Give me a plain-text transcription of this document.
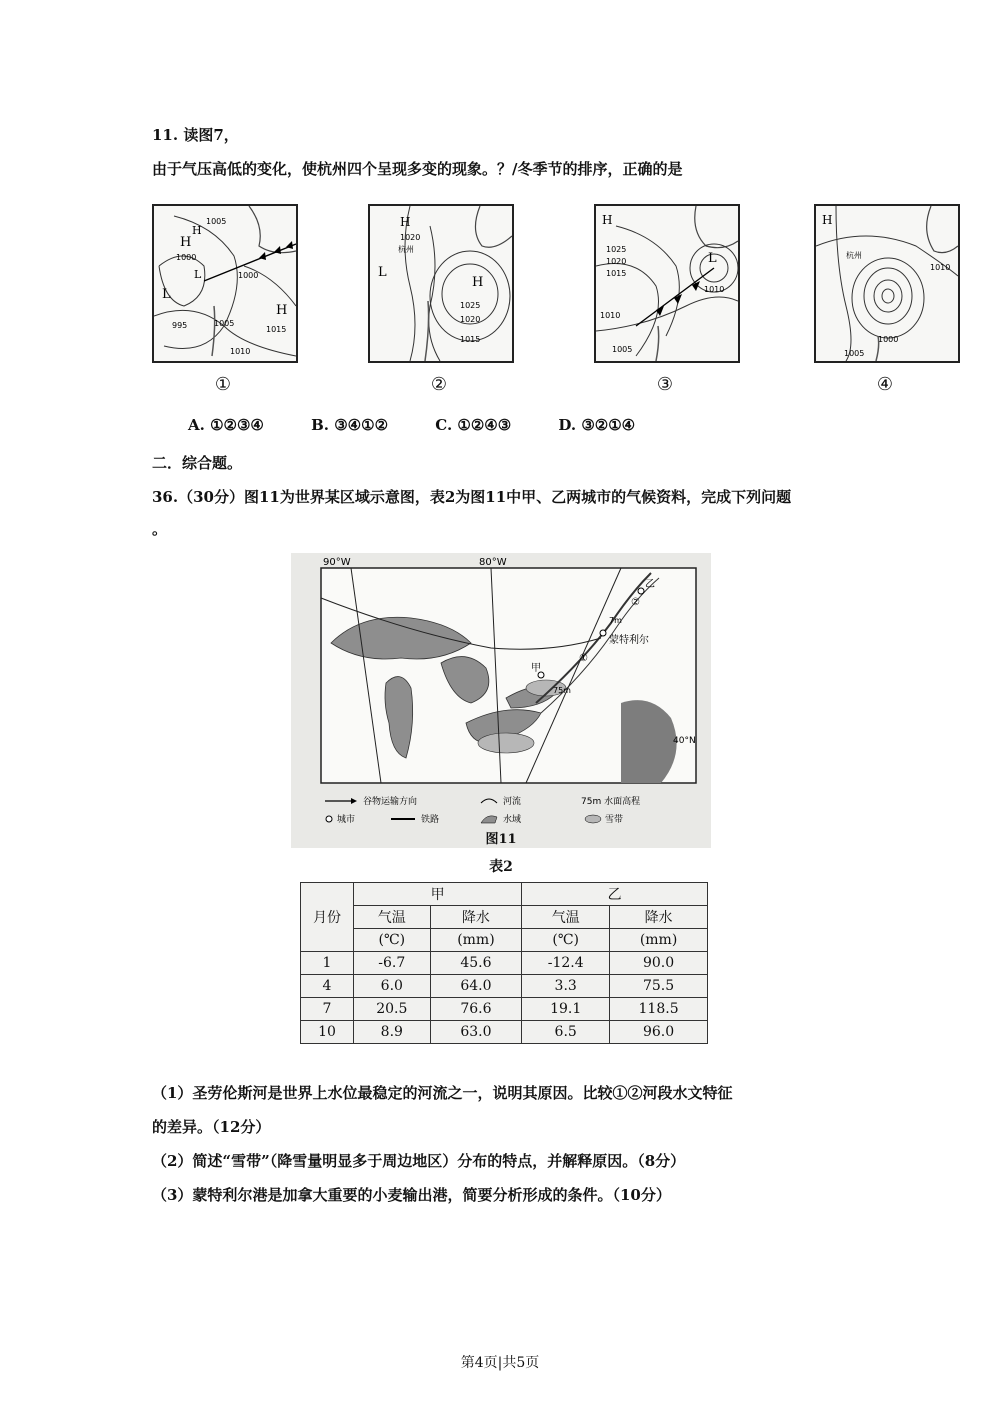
11. 读图7，
由于气压高低的变化，使杭州四个呈现多变的现象。？/冬季节的排序，正确的是
H
H
L
L
H
1005
1000
1000
1005
995
1010
1015
①
H
L
H
1020
1025
1020
1015
杭州
②
H
L
1025
1020
1015
1010
1010
1005
③
H
杭州
1010
1000
1005
④
A. ①②③④	B. ③④①②	C. ①②④③	D. ③②①④
二．综合题。
36.（30分）图11为世界某区域示意图，表2为图11中甲、乙两城市的气候资料，完成下列问题
。
90°W	80°W
40°N
蒙特利尔
甲
乙
①
②
7m
75m
谷物运输方向	河流	75m 水面高程
城市	铁路	水域	雪带
图11
表2
月份	甲		乙	
	气温	降水	气温	降水
	(℃)	(mm)	(℃)	(mm)
1	-6.7	45.6	-12.4	90.0
4	6.0	64.0	3.3	75.5
7	20.5	76.6	19.1	118.5
10	8.9	63.0	6.5	96.0
（1）圣劳伦斯河是世界上水位最稳定的河流之一，说明其原因。比较①②河段水文特征
的差异。（12分）
（2）简述“雪带”（降雪量明显多于周边地区）分布的特点，并解释原因。（8分）
（3）蒙特利尔港是加拿大重要的小麦输出港，简要分析形成的条件。（10分）
第4页|共5页
